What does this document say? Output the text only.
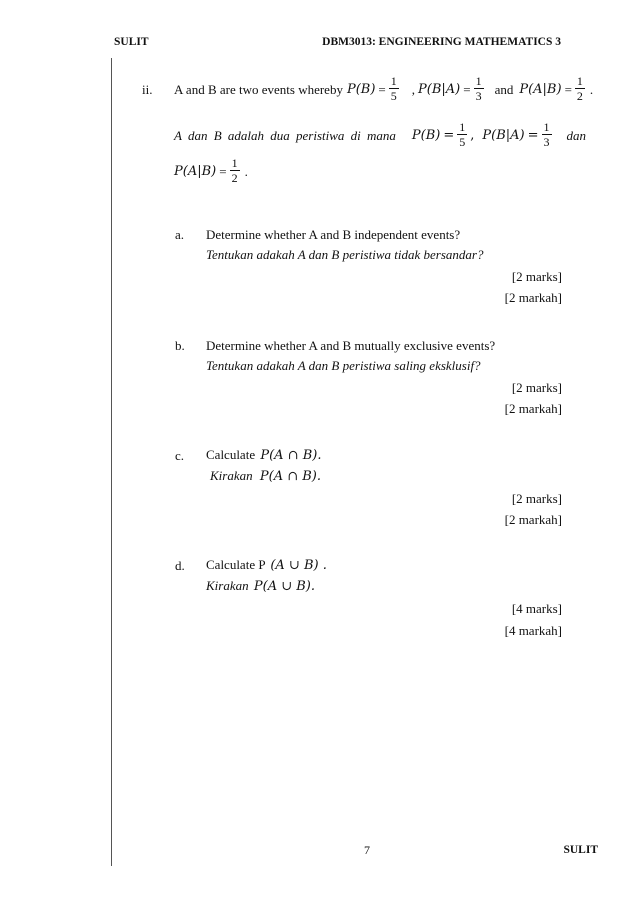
SULIT	DBM3013: ENGINEERING MATHEMATICS 3
ii. A and B are two events whereby $P(B) = \frac{1}{5}$ , $P(B|A) = \frac{1}{3}$ and $P(A|B) = \frac{1}{2}$ .
A dan B adalah dua peristiwa di mana $P(B) = \frac{1}{5}$ , $P(B|A) = \frac{1}{3}$ dan
$P(A|B) = \frac{1}{2}$ .
a. Determine whether A and B independent events?
Tentukan adakah A dan B peristiwa tidak bersandar?
[2 marks]
[2 markah]
b. Determine whether A and B mutually exclusive events?
Tentukan adakah A dan B peristiwa saling eksklusif?
[2 marks]
[2 markah]
c. Calculate P(A ∩ B).
Kirakan P(A ∩ B).
[2 marks]
[2 markah]
d. Calculate P (A ∪ B) .
Kirakan P(A ∪ B).
[4 marks]
[4 markah]
7	SULIT
